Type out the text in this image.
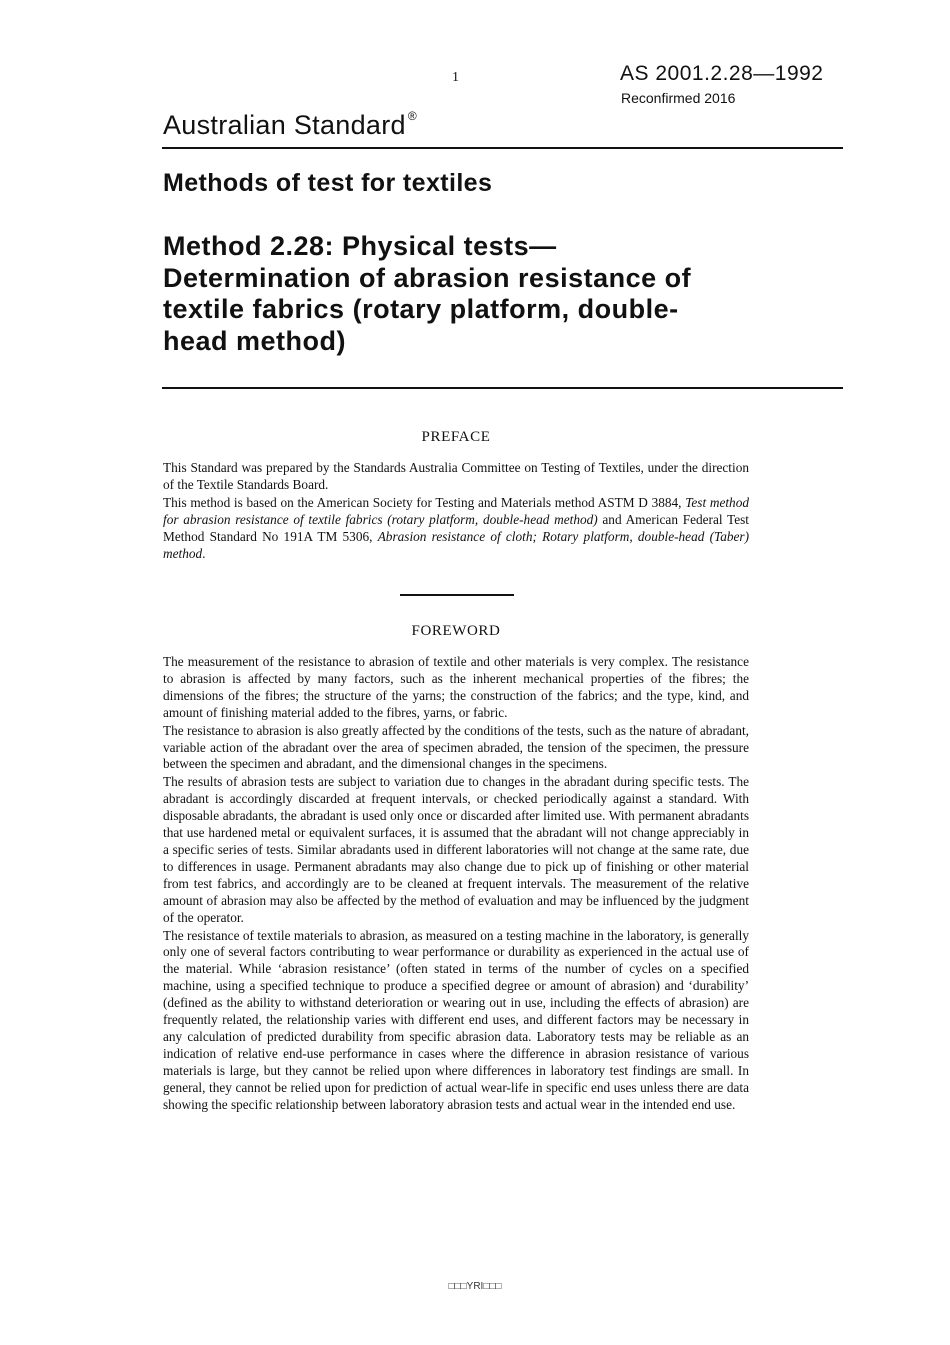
1	AS 2001.2.28—1992
Reconfirmed 2016
Australian Standard ®
Methods of test for textiles
Method 2.28: Physical tests—
Determination of abrasion resistance of
textile fabrics (rotary platform, double-
head method)
PREFACE

This Standard was prepared by the Standards Australia Committee on Testing of Textiles, under the direction of the Textile Standards Board.

This method is based on the American Society for Testing and Materials method ASTM D 3884, Test method for abrasion resistance of textile fabrics (rotary platform, double-head method) and American Federal Test Method Standard No 191A TM 5306, Abrasion resistance of cloth; Rotary platform, double-head (Taber) method.

FOREWORD

The measurement of the resistance to abrasion of textile and other materials is very complex. The resistance to abrasion is affected by many factors, such as the inherent mechanical properties of the fibres; the dimensions of the fibres; the structure of the yarns; the construction of the fabrics; and the type, kind, and amount of finishing material added to the fibres, yarns, or fabric.

The resistance to abrasion is also greatly affected by the conditions of the tests, such as the nature of abradant, variable action of the abradant over the area of specimen abraded, the tension of the specimen, the pressure between the specimen and abradant, and the dimensional changes in the specimens.

The results of abrasion tests are subject to variation due to changes in the abradant during specific tests. The abradant is accordingly discarded at frequent intervals, or checked periodically against a standard. With disposable abradants, the abradant is used only once or discarded after limited use. With permanent abradants that use hardened metal or equivalent surfaces, it is assumed that the abradant will not change appreciably in a specific series of tests. Similar abradants used in different laboratories will not change at the same rate, due to differences in usage. Permanent abradants may also change due to pick up of finishing or other material from test fabrics, and accordingly are to be cleaned at frequent intervals. The measurement of the relative amount of abrasion may also be affected by the method of evaluation and may be influenced by the judgment of the operator.

The resistance of textile materials to abrasion, as measured on a testing machine in the laboratory, is generally only one of several factors contributing to wear performance or durability as experienced in the actual use of the material. While ‘abrasion resistance’ (often stated in terms of the number of cycles on a specified machine, using a specified technique to produce a specified degree or amount of abrasion) and ‘durability’ (defined as the ability to withstand deterioration or wearing out in use, including the effects of abrasion) are frequently related, the relationship varies with different end uses, and different factors may be necessary in any calculation of predicted durability from specific abrasion data. Laboratory tests may be reliable as an indication of relative end-use performance in cases where the difference in abrasion resistance of various materials is large, but they cannot be relied upon where differences in laboratory test findings are small. In general, they cannot be relied upon for prediction of actual wear-life in specific end uses unless there are data showing the specific relationship between laboratory abrasion tests and actual wear in the intended end use.

□□□YRI□□□
